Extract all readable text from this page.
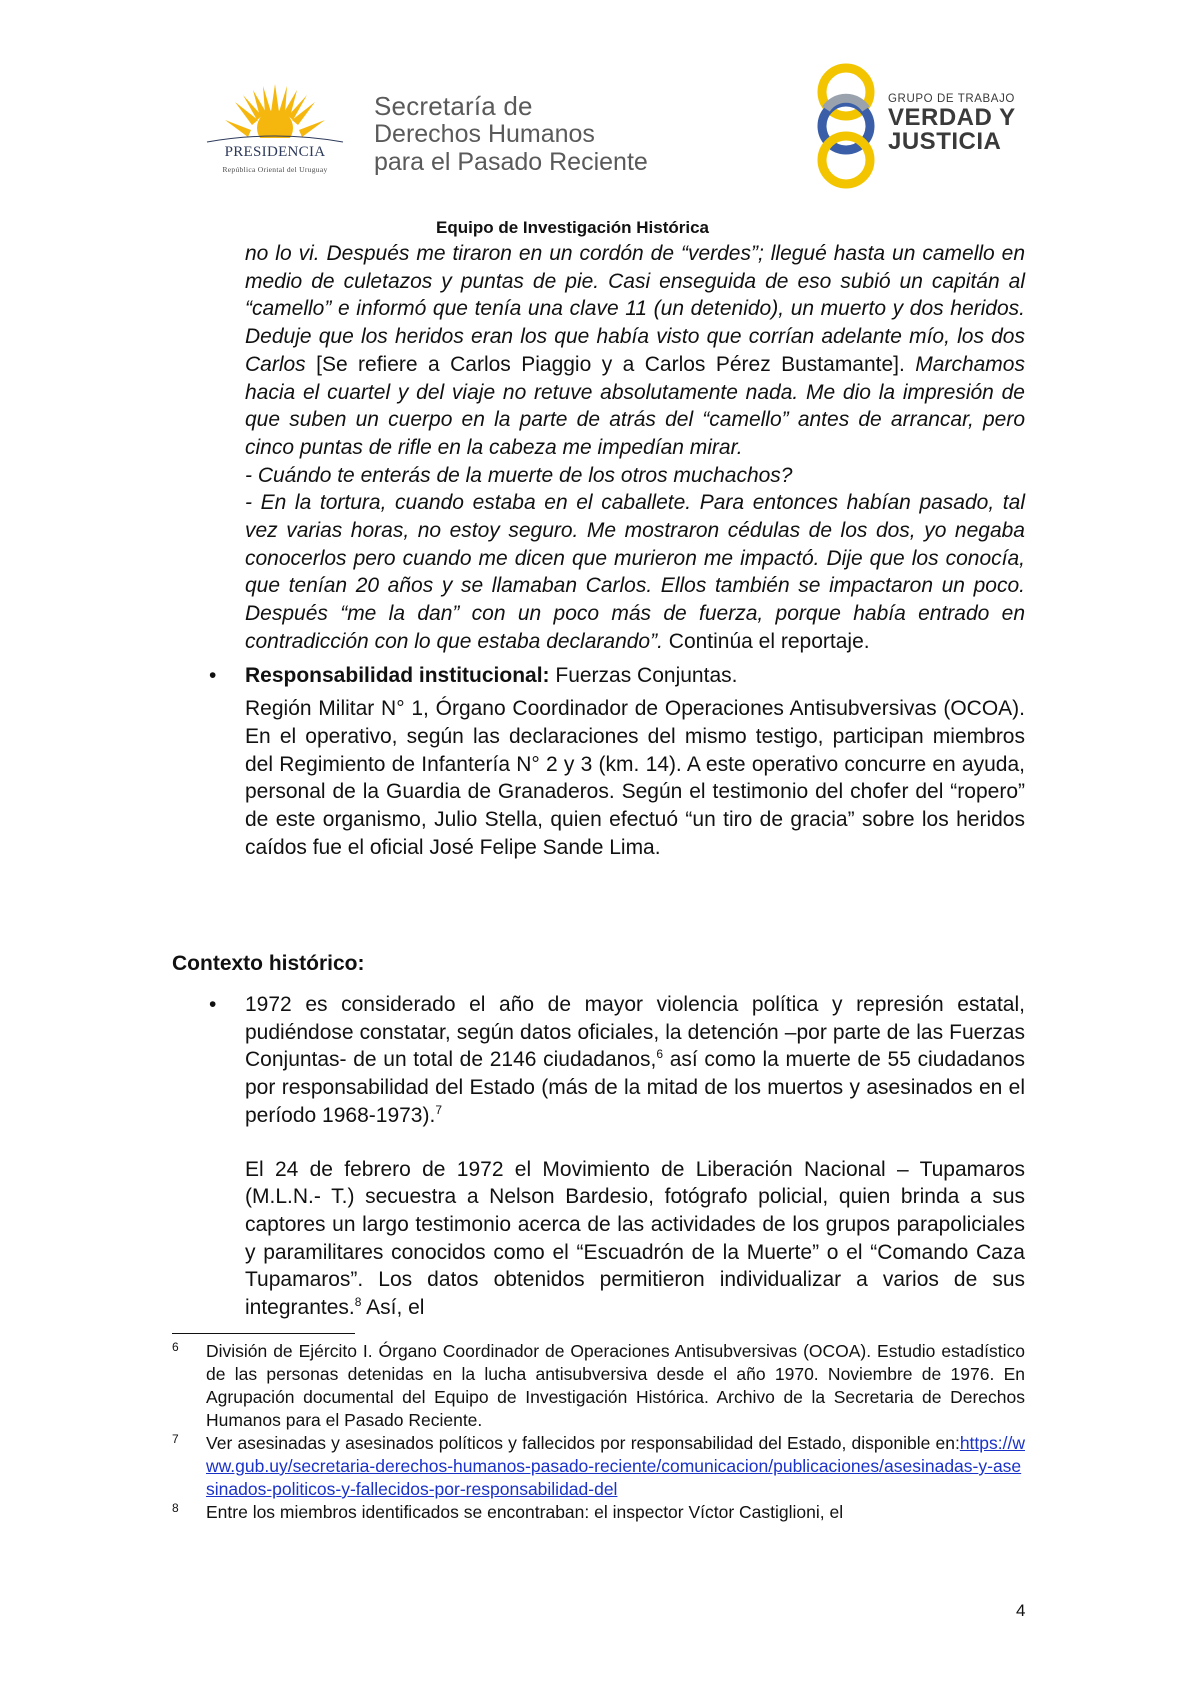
PRESIDENCIA
República Oriental del Uruguay
Secretaría de
Derechos Humanos
para el Pasado Reciente
GRUPO DE TRABAJO
VERDAD Y
JUSTICIA
Equipo de Investigación Histórica

no lo vi. Después me tiraron en un cordón de “verdes”; llegué hasta un camello en medio de culetazos y puntas de pie. Casi enseguida de eso subió un capitán al “camello” e informó que tenía una clave 11 (un detenido), un muerto y dos heridos. Deduje que los heridos eran los que había visto que corrían adelante mío, los dos Carlos [Se refiere a Carlos Piaggio y a Carlos Pérez Bustamante]. Marchamos hacia el cuartel y del viaje no retuve absolutamente nada. Me dio la impresión de que suben un cuerpo en la parte de atrás del “camello” antes de arrancar, pero cinco puntas de rifle en la cabeza me impedían mirar.

- Cuándo te enterás de la muerte de los otros muchachos?

- En la tortura, cuando estaba en el caballete. Para entonces habían pasado, tal vez varias horas, no estoy seguro. Me mostraron cédulas de los dos, yo negaba conocerlos pero cuando me dicen que murieron me impactó. Dije que los conocía, que tenían 20 años y se llamaban Carlos. Ellos también se impactaron un poco. Después “me la dan” con un poco más de fuerza, porque había entrado en contradicción con lo que estaba declarando”. Continúa el reportaje.

• Responsabilidad institucional: Fuerzas Conjuntas.

Región Militar N° 1, Órgano Coordinador de Operaciones Antisubversivas (OCOA). En el operativo, según las declaraciones del mismo testigo, participan miembros del Regimiento de Infantería N° 2 y 3 (km. 14). A este operativo concurre en ayuda, personal de la Guardia de Granaderos. Según el testimonio del chofer del “ropero” de este organismo, Julio Stella, quien efectuó “un tiro de gracia” sobre los heridos caídos fue el oficial José Felipe Sande Lima.

Contexto histórico:
• 1972 es considerado el año de mayor violencia política y represión estatal, pudiéndose constatar, según datos oficiales, la detención –por parte de las Fuerzas Conjuntas- de un total de 2146 ciudadanos,$^6$ así como la muerte de 55 ciudadanos por responsabilidad del Estado (más de la mitad de los muertos y asesinados en el período 1968-1973).$^7$

El 24 de febrero de 1972 el Movimiento de Liberación Nacional – Tupamaros (M.L.N.- T.) secuestra a Nelson Bardesio, fotógrafo policial, quien brinda a sus captores un largo testimonio acerca de las actividades de los grupos parapoliciales y paramilitares conocidos como el “Escuadrón de la Muerte” o el “Comando Caza Tupamaros”. Los datos obtenidos permitieron individualizar a varios de sus integrantes.$^8$ Así, el

6 División de Ejército I. Órgano Coordinador de Operaciones Antisubversivas (OCOA). Estudio estadístico de las personas detenidas en la lucha antisubversiva desde el año 1970. Noviembre de 1976. En Agrupación documental del Equipo de Investigación Histórica. Archivo de la Secretaria de Derechos Humanos para el Pasado Reciente.
7 Ver asesinadas y asesinados políticos y fallecidos por responsabilidad del Estado, disponible en:https://www.gub.uy/secretaria-derechos-humanos-pasado-reciente/comunicacion/publicaciones/asesinadas-y-asesinados-politicos-y-fallecidos-por-responsabilidad-del
8 Entre los miembros identificados se encontraban: el inspector Víctor Castiglioni, el
4
